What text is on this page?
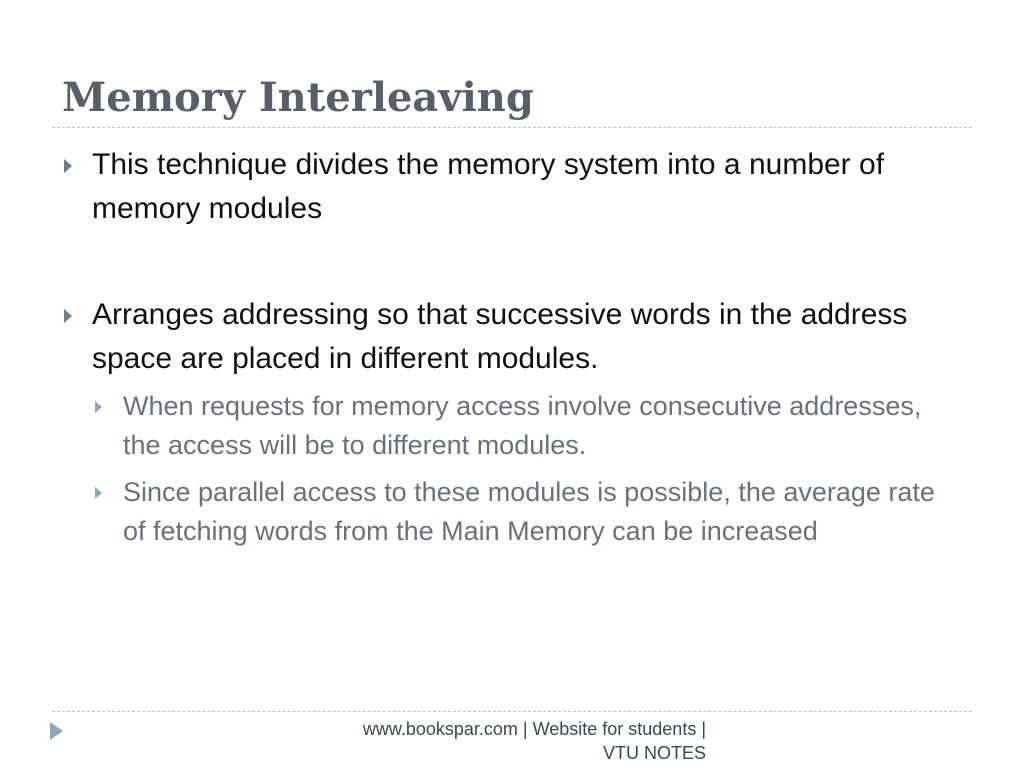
Memory Interleaving
This technique divides the memory system into a number of memory modules
Arranges addressing so that successive words in the address space are placed in different modules.
When requests for memory access involve consecutive addresses, the access will be to different modules.
Since parallel access to these modules is possible, the average rate of fetching words from the Main Memory can be increased
www.bookspar.com | Website for students |
VTU NOTES
